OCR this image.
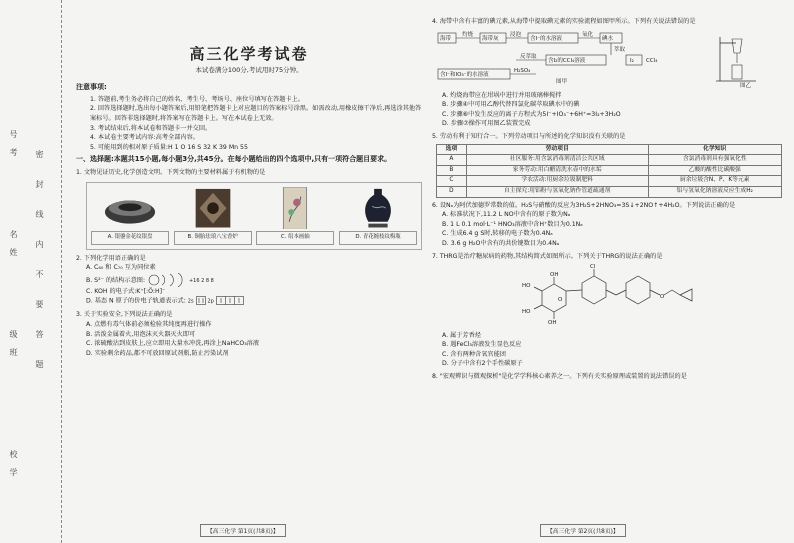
号考
名姓
级班
校学
密封线内不要答题
高三化学考试卷
本试卷满分100分,考试用时75分钟。
注意事项:
1. 答题前,考生务必将自己的姓名、考生号、考场号、座位号填写在答题卡上。
2. 回答选择题时,选出每小题答案后,用铅笔把答题卡上对应题目的答案标号涂黑。如需改动,用橡皮擦干净后,再选涂其他答案标号。回答非选择题时,将答案写在答题卡上。写在本试卷上无效。
3. 考试结束后,将本试卷和答题卡一并交回。
4. 本试卷主要考试内容:高考全部内容。
5. 可能用到的相对原子质量:H 1 O 16 S 32 K 39 Mn 55
一、选择题:本题共15小题,每小题3分,共45分。在每小题给出的四个选项中,只有一项符合题目要求。
1. 文物见证历史,化学创造文明。下列文物的主要材料属于有机物的是
A. 银鎏金花纹银盘	B. 铜胎珐琅八宝香炉	C. 绢本画轴	D. 青花缠枝纹梅瓶
2. 下列化学用语正确的是
A. C₆₀ 和 C₇₀ 互为同位素
B. S²⁻ 的结构示意图:	+16 2 8 8
C. KOH 的电子式:K⁺[:Ö:H]⁻
D. 基态 N 原子的价电子轨道表示式: 2s	2p
3. 关于实验安全,下列说法正确的是
A. 点燃有毒气体前必须检验其纯度再进行操作
B. 活泼金属着火,用泡沫灭火器灭火即可
C. 浓硫酸沾到皮肤上,应立即用大量水冲洗,再涂上NaHCO₃溶液
D. 实验剩余药品,都不可放回原试剂瓶,防止污染试剂
【高三化学 第1页(共8页)】
4. 海带中含有丰富的碘元素,从海带中提取碘元素的实验流程如图甲所示。下列有关说法错误的是
海带
灼烧
海带灰
浸泡
含I⁻的水溶液
氧化
碘水
萃取
含I₂的CCl₄溶液
反萃取
I₂
含I⁻和IO₃⁻的水溶液
H₂SO₄
CCl₄
图甲
图乙
A. 灼烧海带应在坩埚中进行并用玻璃棒搅拌
B. 步骤④中可用乙醇代替四氯化碳萃取碘水中的碘
C. 步骤⑥中发生反应的离子方程式为5I⁻+IO₃⁻+6H⁺=3I₂+3H₂O
D. 步骤⑦操作可用图乙装置完成
5. 劳动有利于知行合一。下列劳动项目与所述的化学知识没有关联的是
选项	劳动项目	化学知识
A	社区服务:用含氯消毒剂清洁公共区域	含氯消毒剂具有强氧化性
B	家务劳动:用白醋清洗水壶中的水垢	乙酸的酸性比碳酸强
C	学农活动:用厨余垃圾制肥料	厨余垃圾含N、P、K等元素
D	自主探究:用铝粉与氢氧化钠作管道疏通剂	铝与氢氧化钠溶液反应生成H₂
6. 设Nₐ为阿伏加德罗常数的值。H₂S与硝酸的反应为3H₂S+2HNO₃=3S↓+2NO↑+4H₂O。下列说法正确的是
A. 标准状况下,11.2 L NO中含有的原子数为Nₐ
B. 1 L 0.1 mol·L⁻¹ HNO₃溶液中含H⁺数目为0.1Nₐ
C. 生成6.4 g S时,转移的电子数为0.4Nₐ
D. 3.6 g H₂O中含有的共价键数目为0.4Nₐ
7. THRG是治疗糖尿病的药物,其结构简式如图所示。下列关于THRG的说法正确的是
Cl
HO
HO
OH
OH
O	O
A. 属于芳香烃
B. 遇FeCl₃溶液发生显色反应
C. 含有两种含氧官能团
D. 分子中含有2个手性碳原子
8. "宏观辨识与微观探析"是化学学科核心素养之一。下列有关实验原理或装置的说法错误的是
【高三化学 第2页(共8页)】
